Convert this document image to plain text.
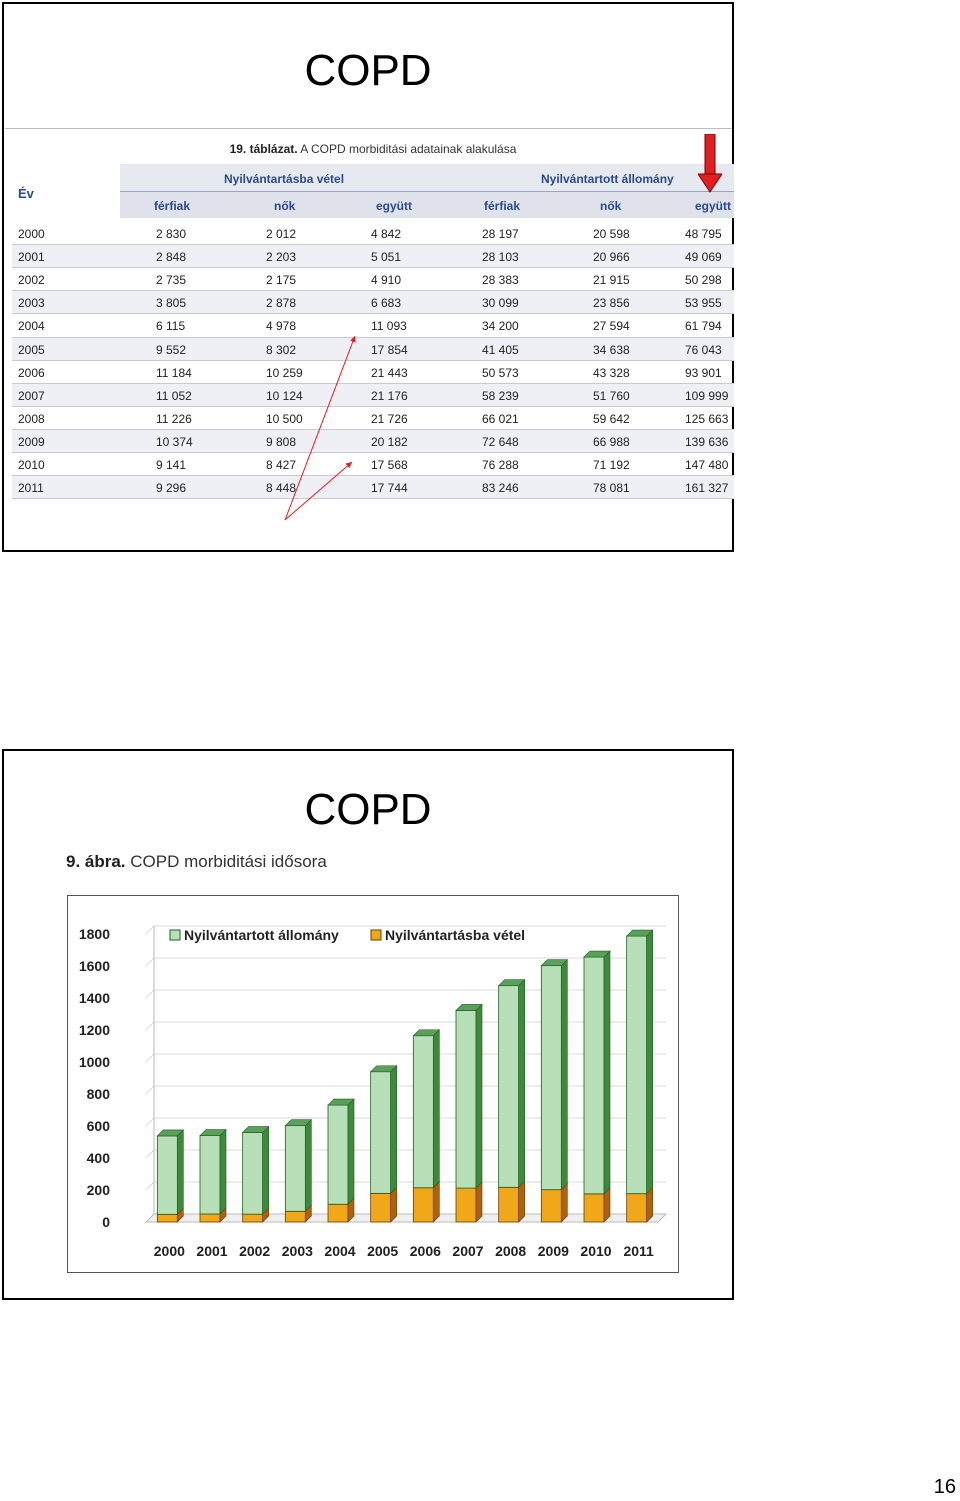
COPD
19. táblázat. A COPD morbiditási adatainak alakulása
Év
Nyilvántartásba vétel	Nyilvántartott állomány
férfiak	nők	együtt	férfiak	nők	együtt
2000	2 830	2 012	4 842	28 197	20 598	48 795
2001	2 848	2 203	5 051	28 103	20 966	49 069
2002	2 735	2 175	4 910	28 383	21 915	50 298
2003	3 805	2 878	6 683	30 099	23 856	53 955
2004	6 115	4 978	11 093	34 200	27 594	61 794
2005	9 552	8 302	17 854	41 405	34 638	76 043
2006	11 184	10 259	21 443	50 573	43 328	93 901
2007	11 052	10 124	21 176	58 239	51 760	109 999
2008	11 226	10 500	21 726	66 021	59 642	125 663
2009	10 374	9 808	20 182	72 648	66 988	139 636
2010	9 141	8 427	17 568	76 288	71 192	147 480
2011	9 296	8 448	17 744	83 246	78 081	161 327
COPD
9. ábra. COPD morbiditási idősora
0
200
400
600
800
1000
1200
1400
1600
1800
2000 2001 2002 2003 2004 2005 2006 2007 2008 2009 2010 2011
Nyilvántartott állomány	Nyilvántartásba vétel
16
